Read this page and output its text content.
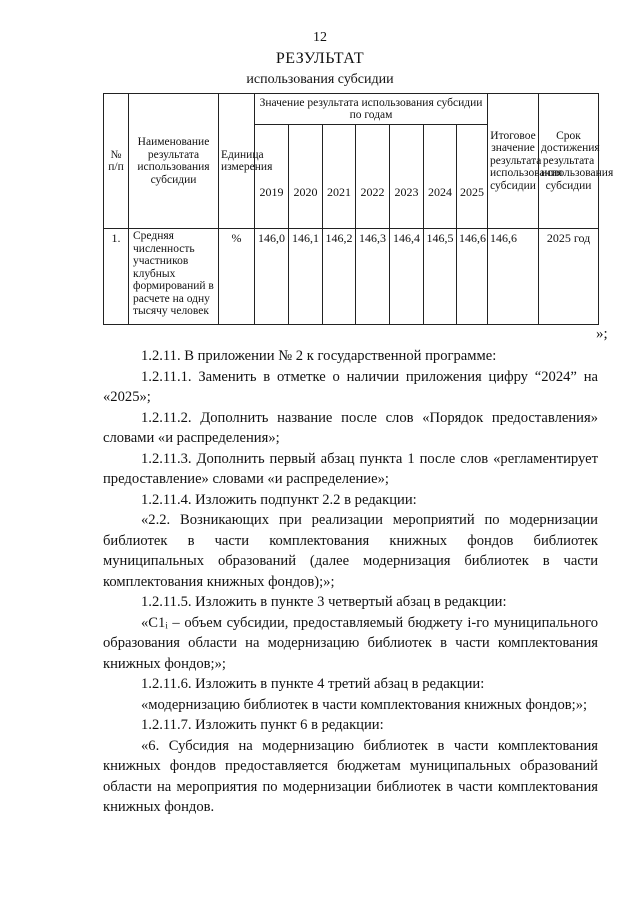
12
РЕЗУЛЬТАТ
использования субсидии
№ п/п	Наименование результата использования субсидии	Единица измерения	Значение результата использования субсидии по годам							Итоговое значение результата использования субсидии	Срок достижения результата использования субсидии
			2019	2020	2021	2022	2023	2024	2025		
1.	Средняя численность участников клубных формирований в расчете на одну тысячу человек	%	146,0	146,1	146,2	146,3	146,4	146,5	146,6	146,6	2025 год
»;

1.2.11. В приложении № 2 к государственной программе:

1.2.11.1. Заменить в отметке о наличии приложения цифру “2024” на «2025»;

1.2.11.2. Дополнить название после слов «Порядок предоставления» словами «и распределения»;

1.2.11.3. Дополнить первый абзац пункта 1 после слов «регламентирует предоставление» словами «и распределение»;

1.2.11.4. Изложить подпункт 2.2 в редакции:

«2.2. Возникающих при реализации мероприятий по модернизации библиотек в части комплектования книжных фондов библиотек муниципальных образований (далее модернизация библиотек в части комплектования книжных фондов);»;

1.2.11.5. Изложить в пункте 3 четвертый абзац в редакции:

«C1ᵢ – объем субсидии, предоставляемый бюджету i-го муниципального образования области на модернизацию библиотек в части комплектования книжных фондов;»;

1.2.11.6. Изложить в пункте 4 третий абзац в редакции:

«модернизацию библиотек в части комплектования книжных фондов;»;

1.2.11.7. Изложить пункт 6 в редакции:

«6. Субсидия на модернизацию библиотек в части комплектования книжных фондов предоставляется бюджетам муниципальных образований области на мероприятия по модернизации библиотек в части комплектования книжных фондов.
